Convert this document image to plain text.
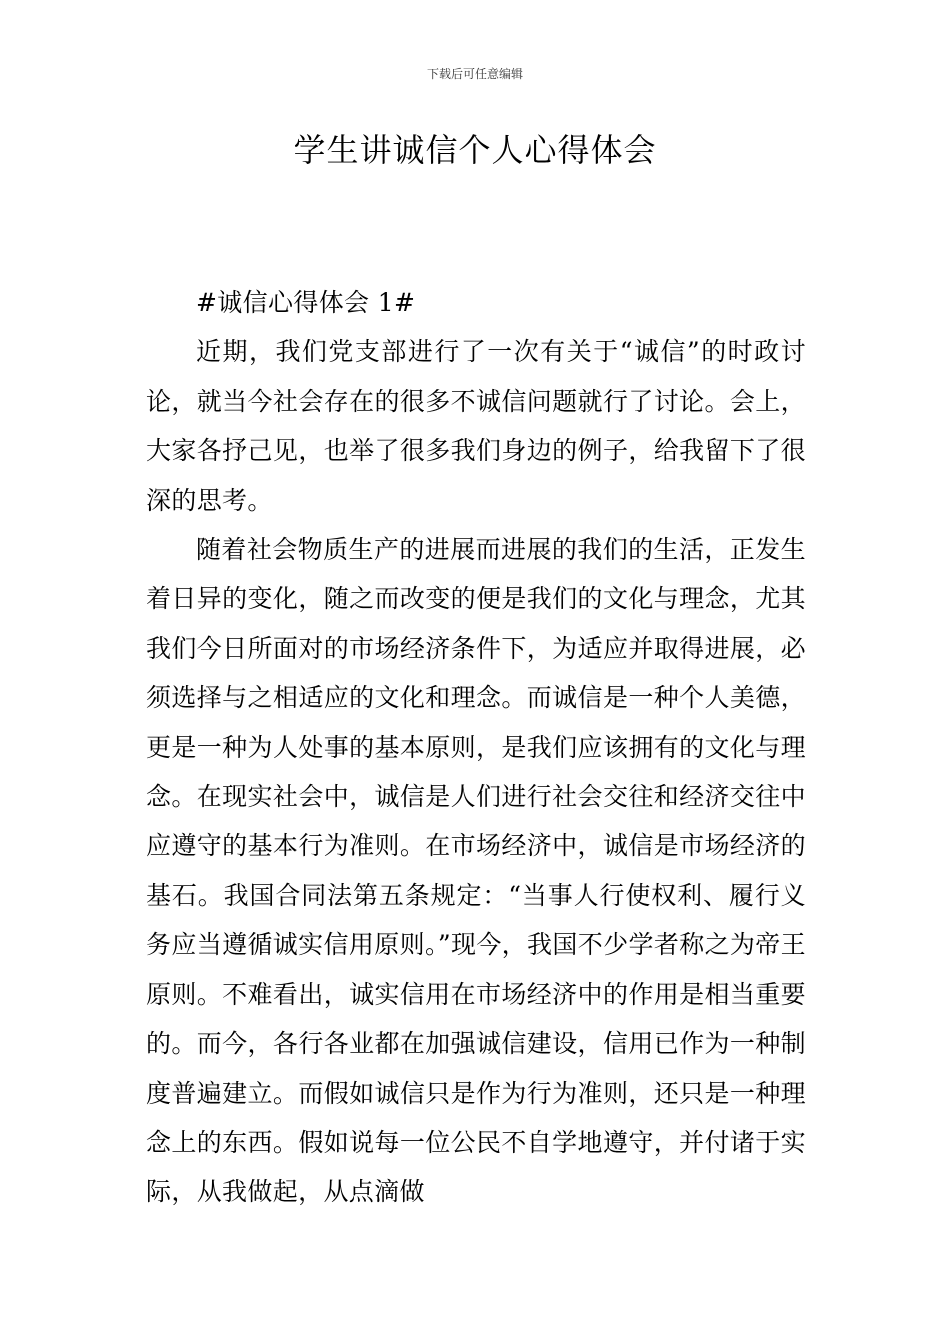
下载后可任意编辑
学生讲诚信个人心得体会

#诚信心得体会 1#

近期，我们党支部进行了一次有关于“诚信”的时政讨论，就当今社会存在的很多不诚信问题就行了讨论。会上，大家各抒己见，也举了很多我们身边的例子，给我留下了很深的思考。

随着社会物质生产的进展而进展的我们的生活，正发生着日异的变化，随之而改变的便是我们的文化与理念，尤其我们今日所面对的市场经济条件下，为适应并取得进展，必须选择与之相适应的文化和理念。而诚信是一种个人美德，更是一种为人处事的基本原则，是我们应该拥有的文化与理念。在现实社会中，诚信是人们进行社会交往和经济交往中应遵守的基本行为准则。在市场经济中，诚信是市场经济的基石。我国合同法第五条规定：“当事人行使权利、履行义务应当遵循诚实信用原则。”现今，我国不少学者称之为帝王原则。不难看出，诚实信用在市场经济中的作用是相当重要的。而今，各行各业都在加强诚信建设，信用已作为一种制度普遍建立。而假如诚信只是作为行为准则，还只是一种理念上的东西。假如说每一位公民不自学地遵守，并付诸于实际，从我做起，从点滴做
